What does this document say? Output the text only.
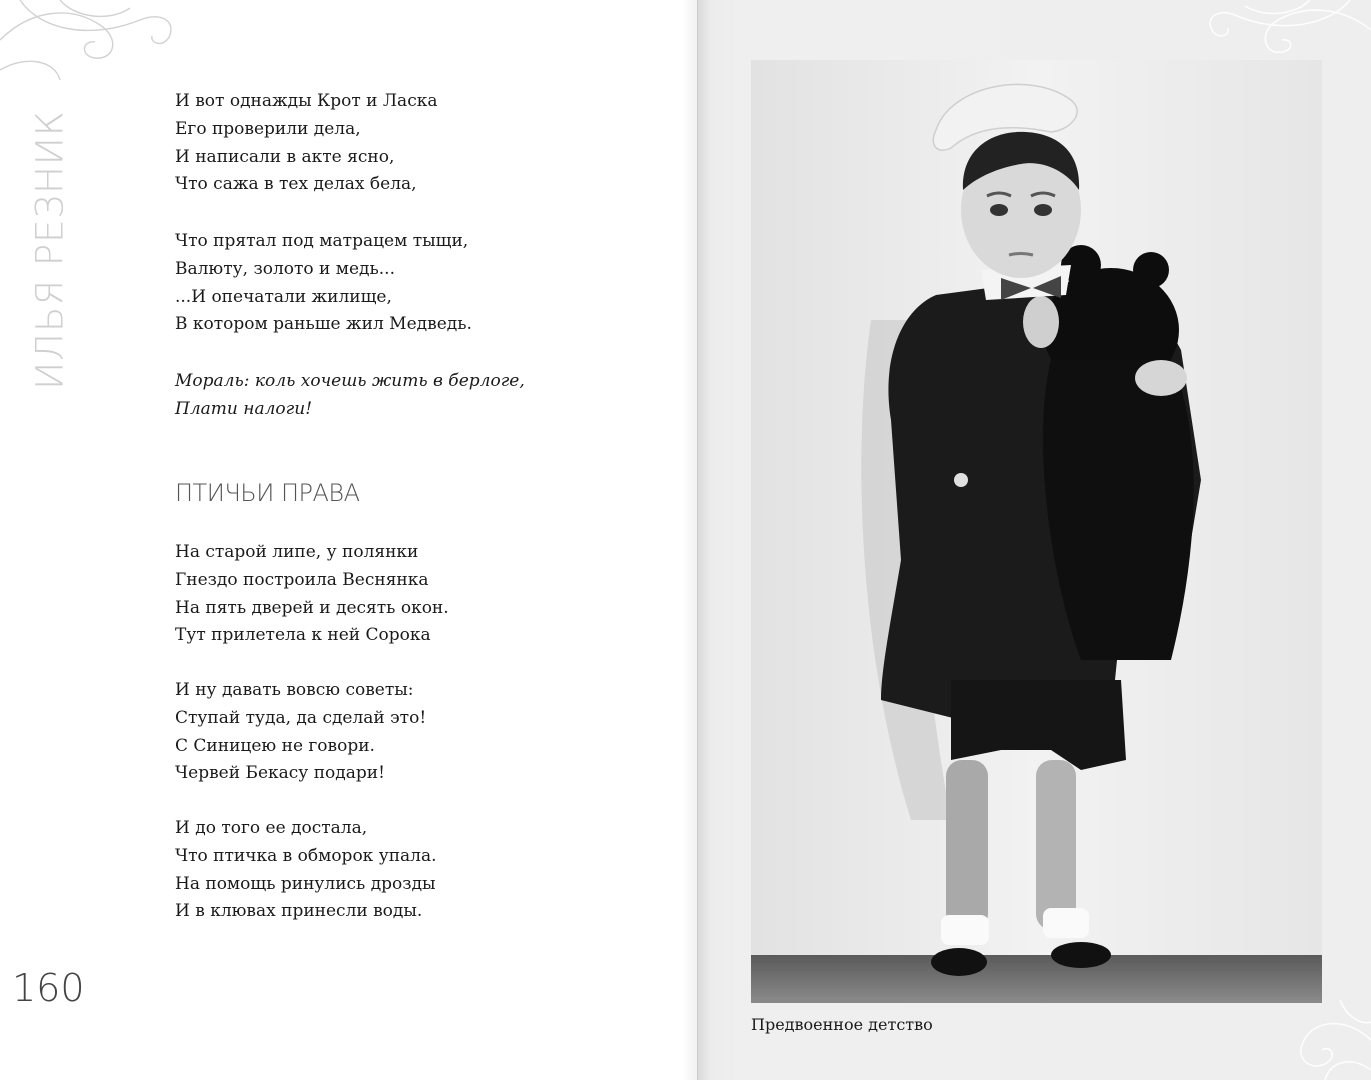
ИЛЬЯ РЕЗНИК
И вот однажды Крот и Ласка
Его проверили дела,
И написали в акте ясно,
Что сажа в тех делах бела,
Что прятал под матрацем тыщи,
Валюту, золото и медь...
...И опечатали жилище,
В котором раньше жил Медведь.
Мораль: коль хочешь жить в берлоге,
Плати налоги!
ПТИЧЬИ ПРАВА
На старой липе, у полянки
Гнездо построила Веснянка
На пять дверей и десять окон.
Тут прилетела к ней Сорока
И ну давать вовсю советы:
Ступай туда, да сделай это!
С Синицею не говори.
Червей Бекасу подари!
И до того ее достала,
Что птичка в обморок упала.
На помощь ринулись дрозды
И в клювах принесли воды.
160
Предвоенное детство
